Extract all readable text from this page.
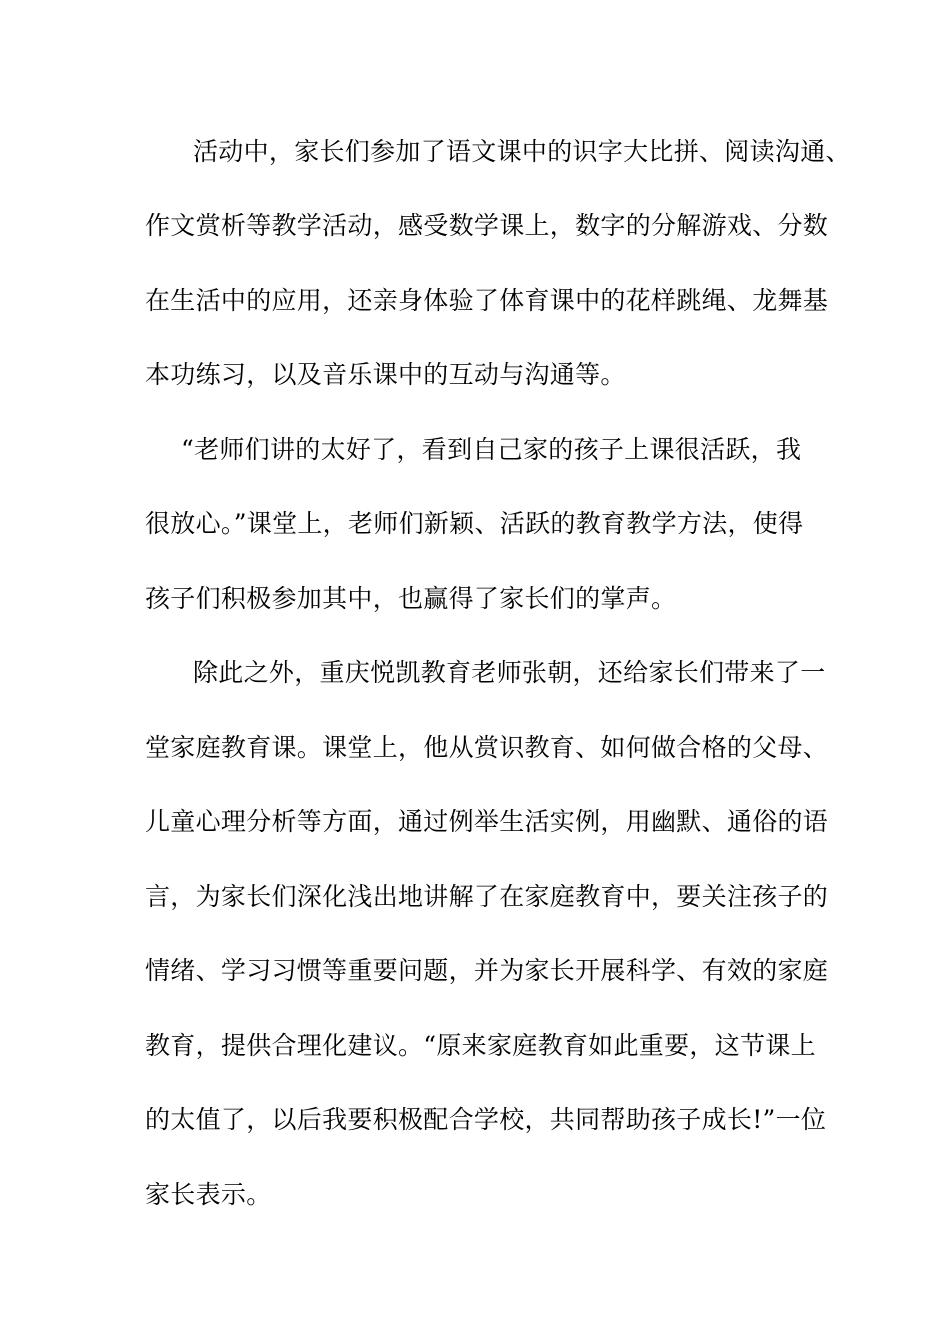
活动中，家长们参加了语文课中的识字大比拼、阅读沟通、
作文赏析等教学活动，感受数学课上，数字的分解游戏、分数
在生活中的应用，还亲身体验了体育课中的花样跳绳、龙舞基
本功练习，以及音乐课中的互动与沟通等。
“老师们讲的太好了，看到自己家的孩子上课很活跃，我
很放心。”课堂上，老师们新颖、活跃的教育教学方法，使得
孩子们积极参加其中，也赢得了家长们的掌声。
除此之外，重庆悦凯教育老师张朝，还给家长们带来了一
堂家庭教育课。课堂上，他从赏识教育、如何做合格的父母、
儿童心理分析等方面，通过例举生活实例，用幽默、通俗的语
言，为家长们深化浅出地讲解了在家庭教育中，要关注孩子的
情绪、学习习惯等重要问题，并为家长开展科学、有效的家庭
教育，提供合理化建议。“原来家庭教育如此重要，这节课上
的太值了，以后我要积极配合学校，共同帮助孩子成长!”一位
家长表示。
